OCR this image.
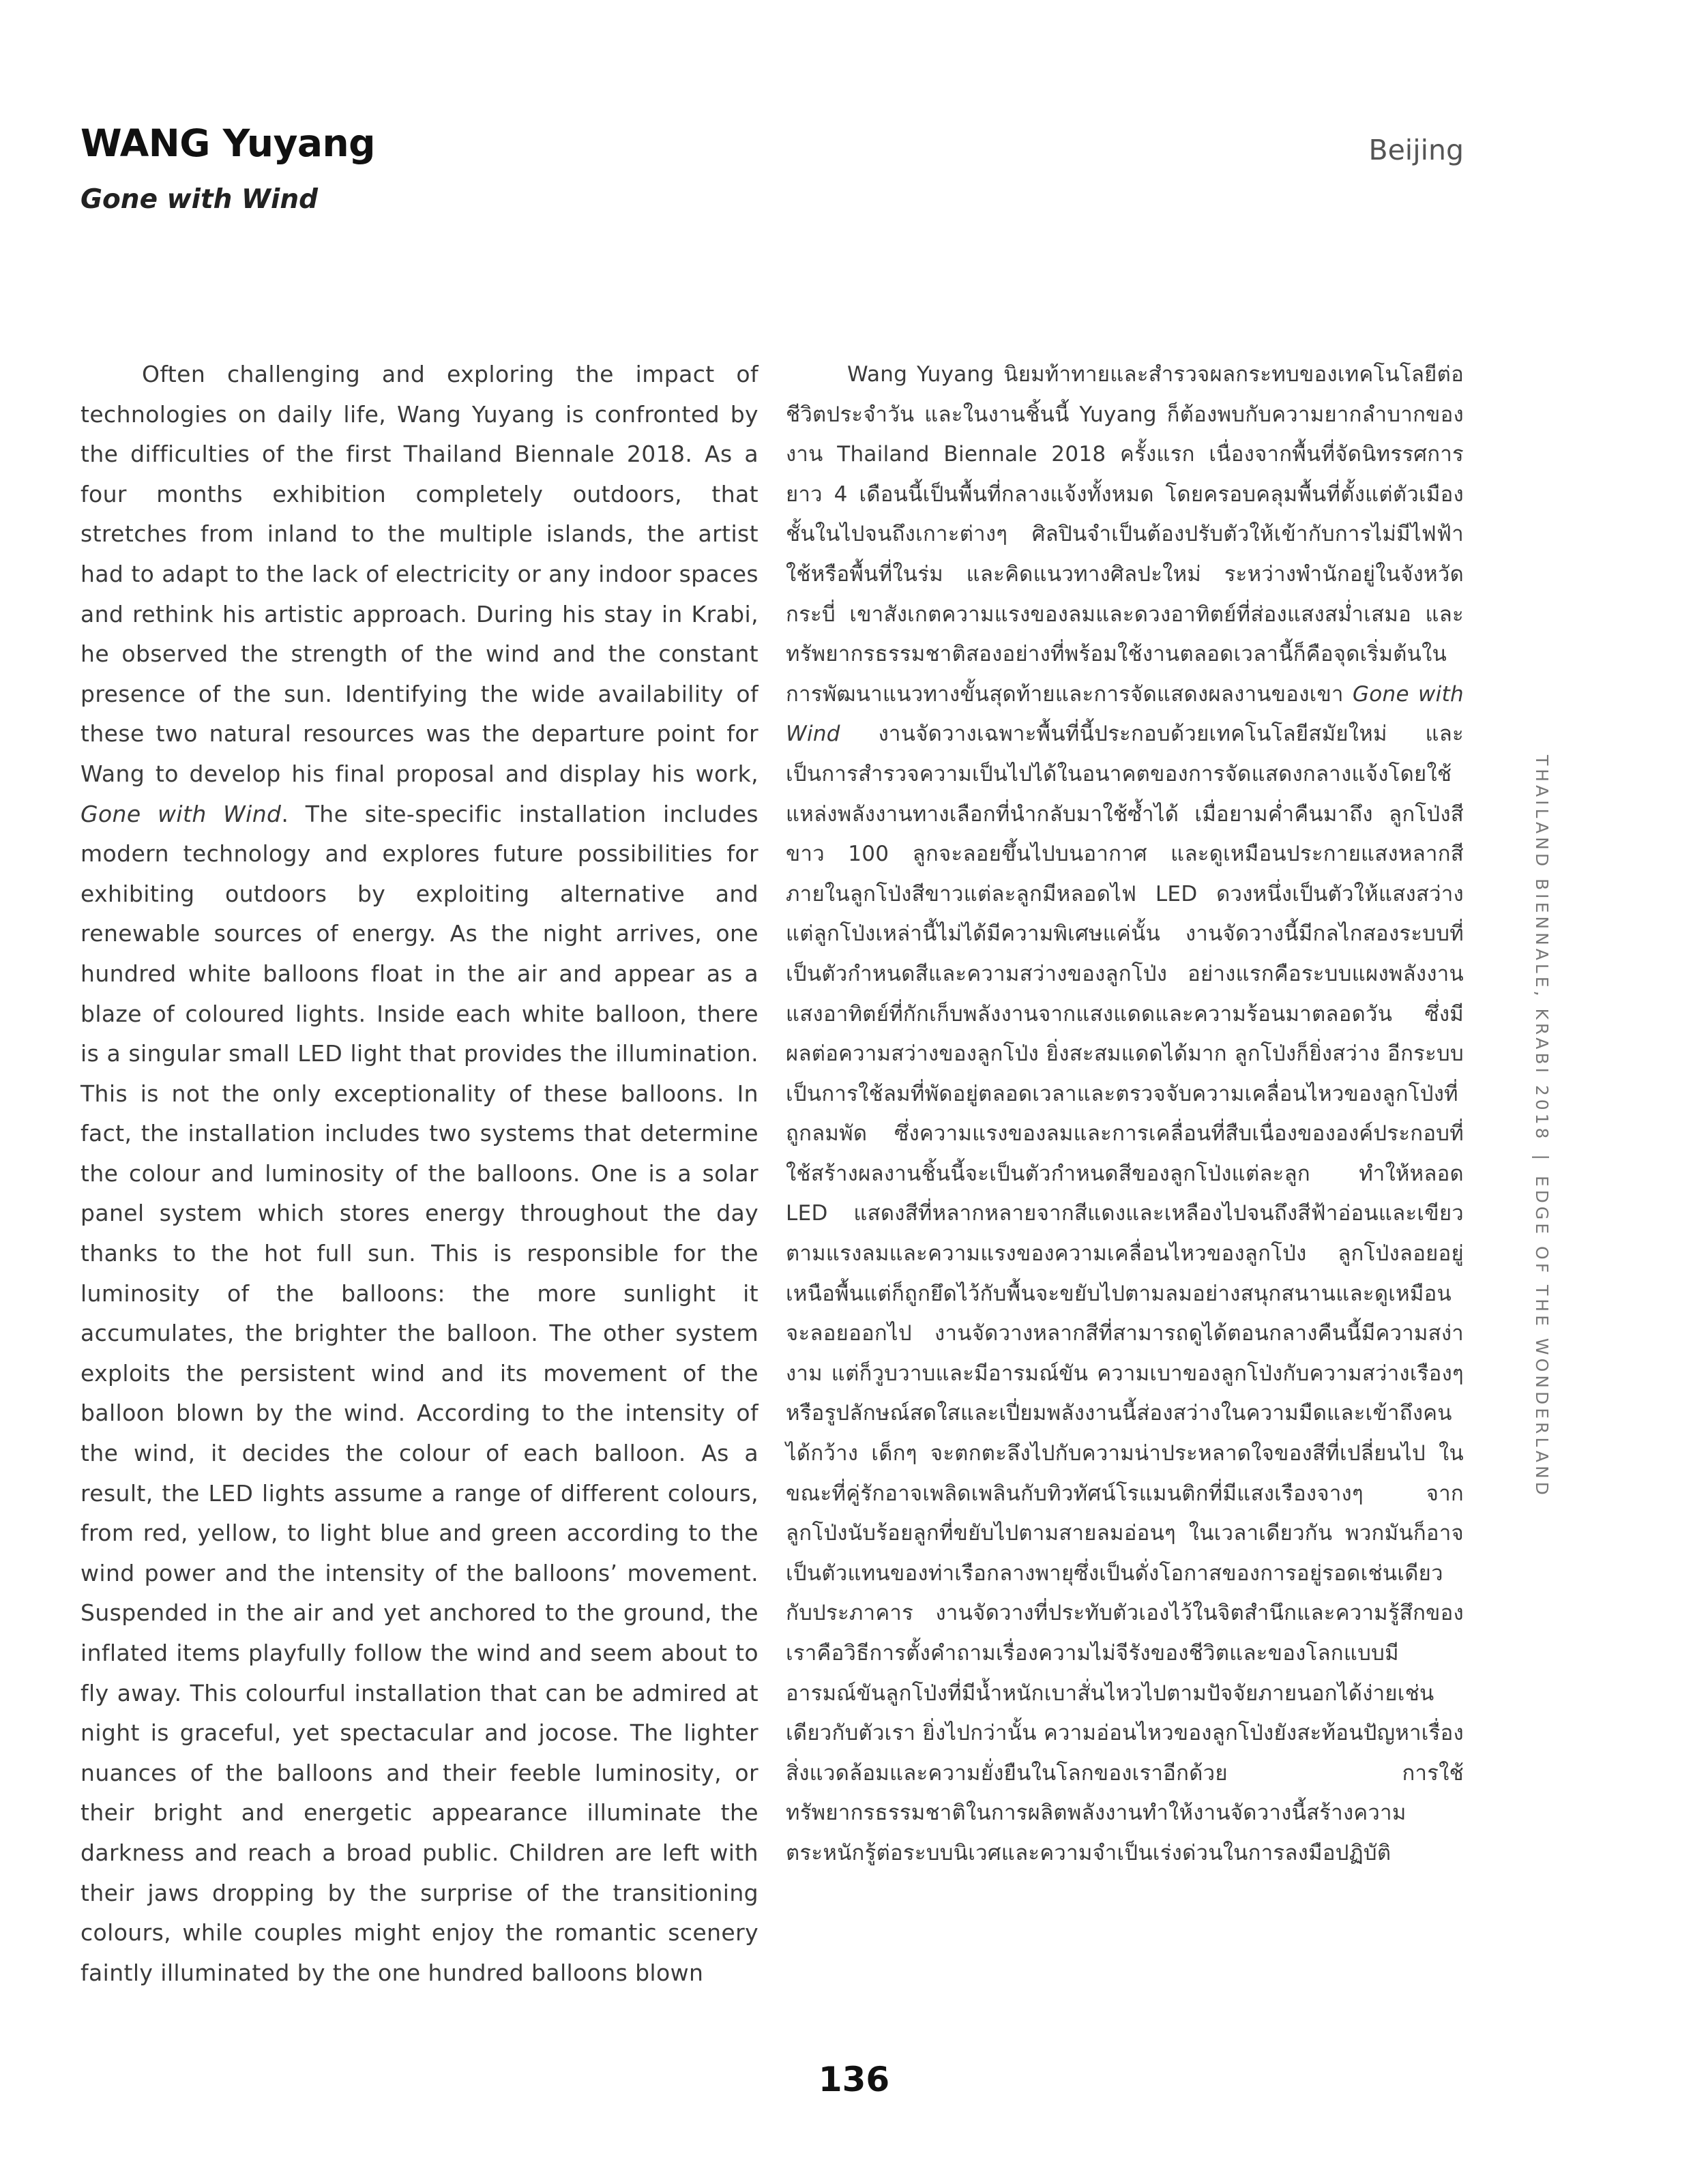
WANG Yuyang
Gone with Wind
Beijing

Often challenging and exploring the impact of technologies on daily life, Wang Yuyang is confronted by the difficulties of the first Thailand Biennale 2018. As a four months exhibition completely outdoors, that stretches from inland to the multiple islands, the artist had to adapt to the lack of electricity or any indoor spaces and rethink his artistic approach. During his stay in Krabi, he observed the strength of the wind and the constant presence of the sun. Identifying the wide availability of these two natural resources was the departure point for Wang to develop his final proposal and display his work, Gone with Wind. The site-specific installation includes modern technology and explores future possibilities for exhibiting outdoors by exploiting alternative and renewable sources of energy. As the night arrives, one hundred white balloons float in the air and appear as a blaze of coloured lights. Inside each white balloon, there is a singular small LED light that provides the illumination. This is not the only exceptionality of these balloons. In fact, the installation includes two systems that determine the colour and luminosity of the balloons. One is a solar panel system which stores energy throughout the day thanks to the hot full sun. This is responsible for the luminosity of the balloons: the more sunlight it accumulates, the brighter the balloon. The other system exploits the persistent wind and its movement of the balloon blown by the wind. According to the intensity of the wind, it decides the colour of each balloon. As a result, the LED lights assume a range of different colours, from red, yellow, to light blue and green according to the wind power and the intensity of the balloons’ movement. Suspended in the air and yet anchored to the ground, the inflated items playfully follow the wind and seem about to fly away. This colourful installation that can be admired at night is graceful, yet spectacular and jocose. The lighter nuances of the balloons and their feeble luminosity, or their bright and energetic appearance illuminate the darkness and reach a broad public. Children are left with their jaws dropping by the surprise of the transitioning colours, while couples might enjoy the romantic scenery faintly illuminated by the one hundred balloons blown

Wang Yuyang นิยมท้าทายและสำรวจผลกระทบของเทคโนโลยีต่อชีวิตประจำวัน และในงานชิ้นนี้ Yuyang ก็ต้องพบกับความยากลำบากของงาน Thailand Biennale 2018 ครั้งแรก เนื่องจากพื้นที่จัดนิทรรศการยาว 4 เดือนนี้เป็นพื้นที่กลางแจ้งทั้งหมด โดยครอบคลุมพื้นที่ตั้งแต่ตัวเมืองชั้นในไปจนถึงเกาะต่างๆ ศิลปินจำเป็นต้องปรับตัวให้เข้ากับการไม่มีไฟฟ้าใช้หรือพื้นที่ในร่ม และคิดแนวทางศิลปะใหม่ ระหว่างพำนักอยู่ในจังหวัดกระบี่ เขาสังเกตความแรงของลมและดวงอาทิตย์ที่ส่องแสงสม่ำเสมอ และทรัพยากรธรรมชาติสองอย่างที่พร้อมใช้งานตลอดเวลานี้ก็คือจุดเริ่มต้นในการพัฒนาแนวทางขั้นสุดท้ายและการจัดแสดงผลงานของเขา Gone with Wind งานจัดวางเฉพาะพื้นที่นี้ประกอบด้วยเทคโนโลยีสมัยใหม่ และเป็นการสำรวจความเป็นไปได้ในอนาคตของการจัดแสดงกลางแจ้งโดยใช้แหล่งพลังงานทางเลือกที่นำกลับมาใช้ซ้ำได้ เมื่อยามค่ำคืนมาถึง ลูกโป่งสีขาว 100 ลูกจะลอยขึ้นไปบนอากาศ และดูเหมือนประกายแสงหลากสี ภายในลูกโป่งสีขาวแต่ละลูกมีหลอดไฟ LED ดวงหนึ่งเป็นตัวให้แสงสว่าง แต่ลูกโป่งเหล่านี้ไม่ได้มีความพิเศษแค่นั้น งานจัดวางนี้มีกลไกสองระบบที่เป็นตัวกำหนดสีและความสว่างของลูกโป่ง อย่างแรกคือระบบแผงพลังงานแสงอาทิตย์ที่กักเก็บพลังงานจากแสงแดดและความร้อนมาตลอดวัน ซึ่งมีผลต่อความสว่างของลูกโป่ง ยิ่งสะสมแดดได้มาก ลูกโป่งก็ยิ่งสว่าง อีกระบบเป็นการใช้ลมที่พัดอยู่ตลอดเวลาและตรวจจับความเคลื่อนไหวของลูกโป่งที่ถูกลมพัด ซึ่งความแรงของลมและการเคลื่อนที่สืบเนื่องขององค์ประกอบที่ใช้สร้างผลงานชิ้นนี้จะเป็นตัวกำหนดสีของลูกโป่งแต่ละลูก ทำให้หลอด LED แสดงสีที่หลากหลายจากสีแดงและเหลืองไปจนถึงสีฟ้าอ่อนและเขียวตามแรงลมและความแรงของความเคลื่อนไหวของลูกโป่ง ลูกโป่งลอยอยู่เหนือพื้นแต่ก็ถูกยึดไว้กับพื้นจะขยับไปตามลมอย่างสนุกสนานและดูเหมือนจะลอยออกไป งานจัดวางหลากสีที่สามารถดูได้ตอนกลางคืนนี้มีความสง่างาม แต่ก็วูบวาบและมีอารมณ์ขัน ความเบาของลูกโป่งกับความสว่างเรืองๆ หรือรูปลักษณ์สดใสและเปี่ยมพลังงานนี้ส่องสว่างในความมืดและเข้าถึงคนได้กว้าง เด็กๆ จะตกตะลึงไปกับความน่าประหลาดใจของสีที่เปลี่ยนไป ในขณะที่คู่รักอาจเพลิดเพลินกับทิวทัศน์โรแมนติกที่มีแสงเรืองจางๆ จากลูกโป่งนับร้อยลูกที่ขยับไปตามสายลมอ่อนๆ ในเวลาเดียวกัน พวกมันก็อาจเป็นตัวแทนของท่าเรือกลางพายุซึ่งเป็นดั่งโอกาสของการอยู่รอดเช่นเดียวกับประภาคาร งานจัดวางที่ประทับตัวเองไว้ในจิตสำนึกและความรู้สึกของเราคือวิธีการตั้งคำถามเรื่องความไม่จีรังของชีวิตและของโลกแบบมีอารมณ์ขันลูกโป่งที่มีน้ำหนักเบาสั่นไหวไปตามปัจจัยภายนอกได้ง่ายเช่นเดียวกับตัวเรา ยิ่งไปกว่านั้น ความอ่อนไหวของลูกโป่งยังสะท้อนปัญหาเรื่องสิ่งแวดล้อมและความยั่งยืนในโลกของเราอีกด้วย การใช้ทรัพยากรธรรมชาติในการผลิตพลังงานทำให้งานจัดวางนี้สร้างความตระหนักรู้ต่อระบบนิเวศและความจำเป็นเร่งด่วนในการลงมือปฏิบัติ

THAILAND BIENNALE, KRABI 2018|EDGE OF THE WONDERLAND
136
